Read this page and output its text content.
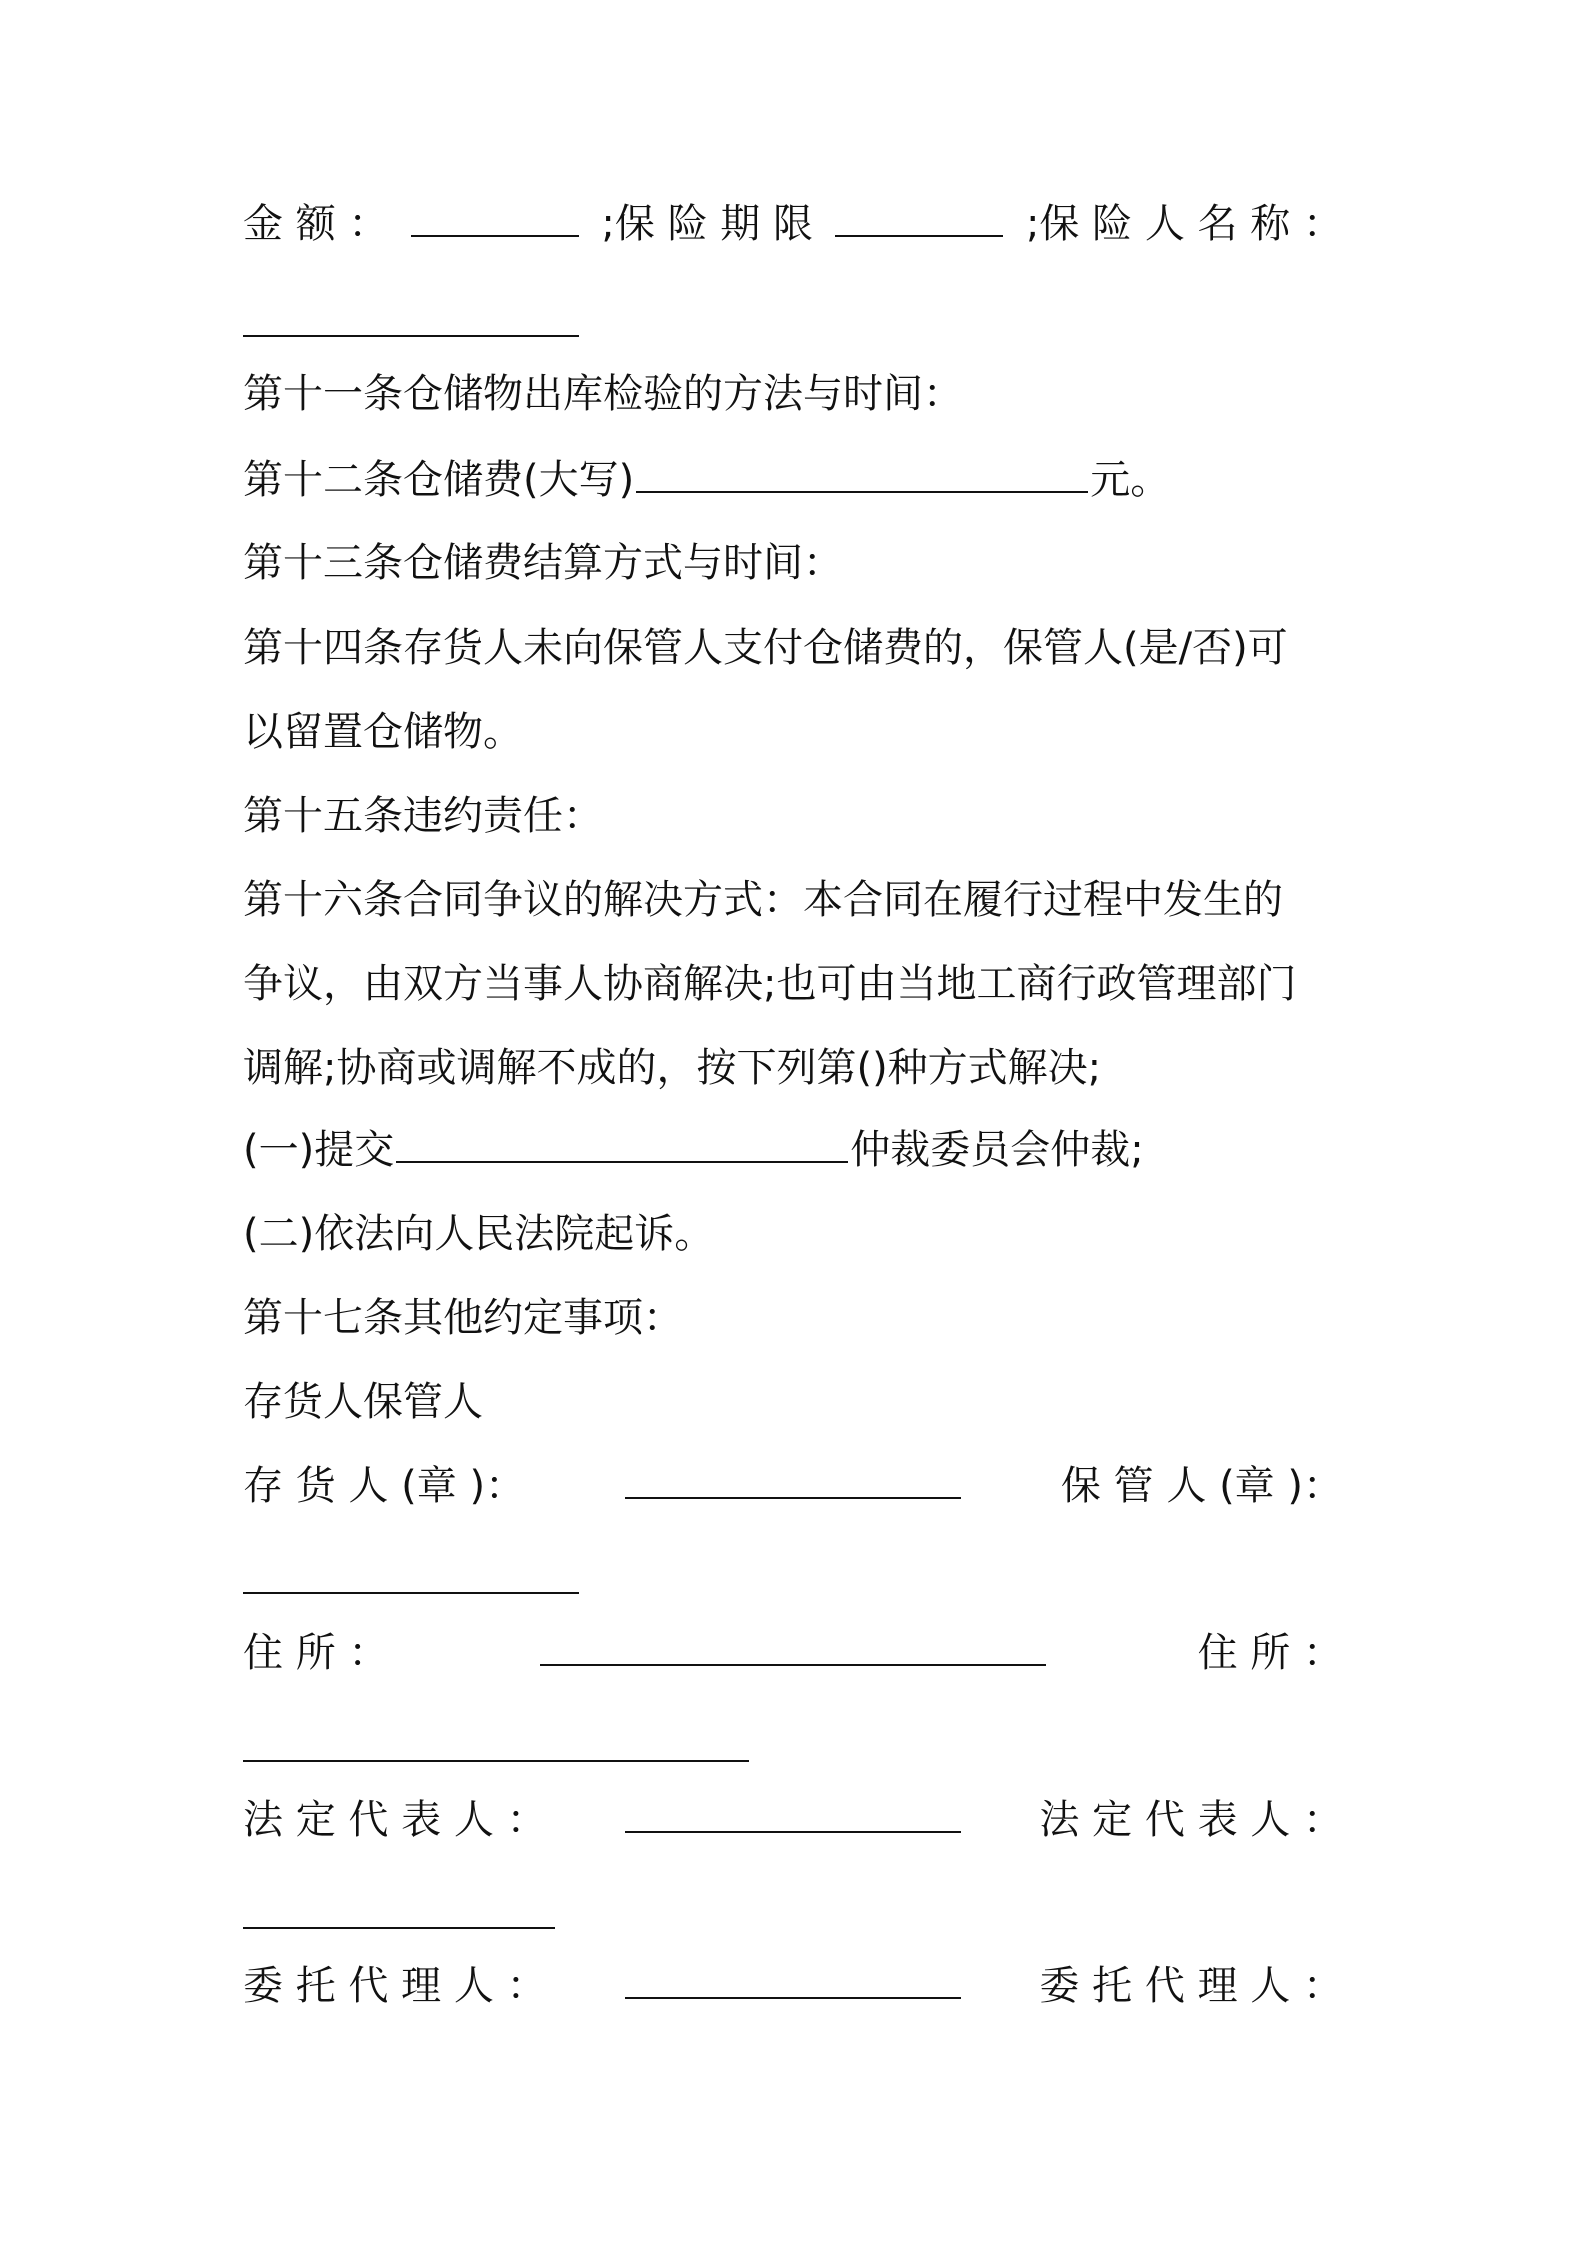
金 额 ：	;保 险 期 限	;保 险 人 名 称 ：
第十一条仓储物出库检验的方法与时间：
第十二条仓储费(大写)	元。
第十三条仓储费结算方式与时间：
第十四条存货人未向保管人支付仓储费的，保管人(是/否)可
以留置仓储物。
第十五条违约责任：
第十六条合同争议的解决方式：本合同在履行过程中发生的
争议，由双方当事人协商解决;也可由当地工商行政管理部门
调解;协商或调解不成的，按下列第()种方式解决;
(一)提交	仲裁委员会仲裁;
(二)依法向人民法院起诉。
第十七条其他约定事项：
存货人保管人
存 货 人 (章 )：	保 管 人 (章 )：
住 所 ：	住 所 ：
法 定 代 表 人 ：	法 定 代 表 人 ：
委 托 代 理 人 ：	委 托 代 理 人 ：
